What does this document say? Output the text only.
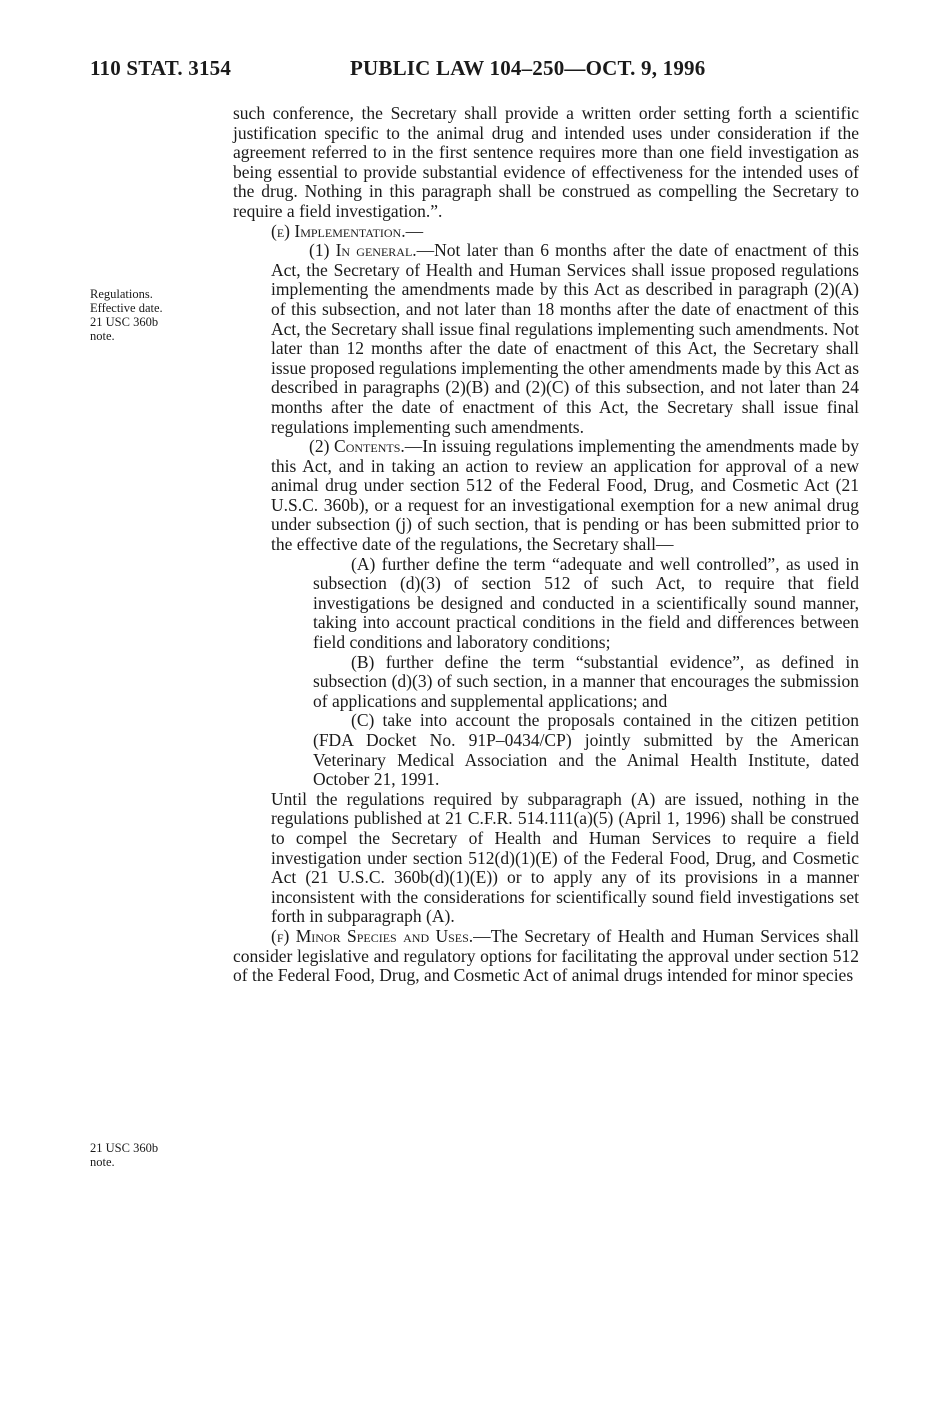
110 STAT. 3154	PUBLIC LAW 104–250—OCT. 9, 1996
Regulations.
Effective date.
21 USC 360b
note.
21 USC 360b
note.

such conference, the Secretary shall provide a written order setting forth a scientific justification specific to the animal drug and intended uses under consideration if the agreement referred to in the first sentence requires more than one field investigation as being essential to provide substantial evidence of effectiveness for the intended uses of the drug. Nothing in this paragraph shall be construed as compelling the Secretary to require a field investigation.”.

(e) Implementation.—

(1) In general.—Not later than 6 months after the date of enactment of this Act, the Secretary of Health and Human Services shall issue proposed regulations implementing the amendments made by this Act as described in paragraph (2)(A) of this subsection, and not later than 18 months after the date of enactment of this Act, the Secretary shall issue final regulations implementing such amendments. Not later than 12 months after the date of enactment of this Act, the Secretary shall issue proposed regulations implementing the other amendments made by this Act as described in paragraphs (2)(B) and (2)(C) of this subsection, and not later than 24 months after the date of enactment of this Act, the Secretary shall issue final regulations implementing such amendments.

(2) Contents.—In issuing regulations implementing the amendments made by this Act, and in taking an action to review an application for approval of a new animal drug under section 512 of the Federal Food, Drug, and Cosmetic Act (21 U.S.C. 360b), or a request for an investigational exemption for a new animal drug under subsection (j) of such section, that is pending or has been submitted prior to the effective date of the regulations, the Secretary shall—

(A) further define the term “adequate and well controlled”, as used in subsection (d)(3) of section 512 of such Act, to require that field investigations be designed and conducted in a scientifically sound manner, taking into account practical conditions in the field and differences between field conditions and laboratory conditions;

(B) further define the term “substantial evidence”, as defined in subsection (d)(3) of such section, in a manner that encourages the submission of applications and supplemental applications; and

(C) take into account the proposals contained in the citizen petition (FDA Docket No. 91P–0434/CP) jointly submitted by the American Veterinary Medical Association and the Animal Health Institute, dated October 21, 1991.

Until the regulations required by subparagraph (A) are issued, nothing in the regulations published at 21 C.F.R. 514.111(a)(5) (April 1, 1996) shall be construed to compel the Secretary of Health and Human Services to require a field investigation under section 512(d)(1)(E) of the Federal Food, Drug, and Cosmetic Act (21 U.S.C. 360b(d)(1)(E)) or to apply any of its provisions in a manner inconsistent with the considerations for scientifically sound field investigations set forth in subparagraph (A).

(f) Minor Species and Uses.—The Secretary of Health and Human Services shall consider legislative and regulatory options for facilitating the approval under section 512 of the Federal Food, Drug, and Cosmetic Act of animal drugs intended for minor species
